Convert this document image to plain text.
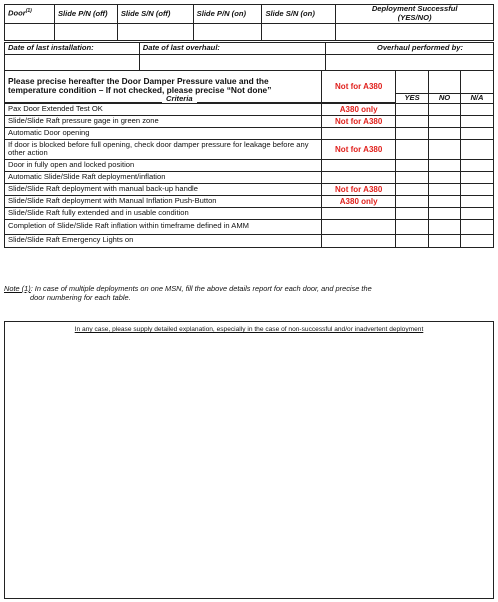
Door$^{(1)}$	Slide P/N (off)	Slide S/N (off)	Slide P/N (on)	Slide S/N (on)	Deployment Successful
(YES/NO)

Date of last installation:	Date of last overhaul:	Overhaul performed by:

Please precise hereafter the Door Damper Pressure value and the temperature condition – If not checked, please precise “Not done”	Not for A380			
		YES	NO	N/A

Pax Door Extended Test OK	A380 only			
Slide/Slide Raft pressure gage in green zone	Not for A380			
Automatic Door opening				
If door is blocked before full opening, check door damper pressure for leakage before any other action	Not for A380			
Door in fully open and locked position				
Automatic Slide/Slide Raft deployment/inflation				
Slide/Slide Raft deployment with manual back-up handle	Not for A380			
Slide/Slide Raft deployment with Manual Inflation Push-Button	A380 only			
Slide/Slide Raft fully extended and in usable condition				
Completion of Slide/Slide Raft inflation within timeframe defined in AMM				
Slide/Slide Raft Emergency Lights on				
Criteria
Note (1): In case of multiple deployments on one MSN, fill the above details report for each door, and precise the
door numbering for each table.
In any case, please supply detailed explanation, especially in the case of non-successful and/or inadvertent deployment
